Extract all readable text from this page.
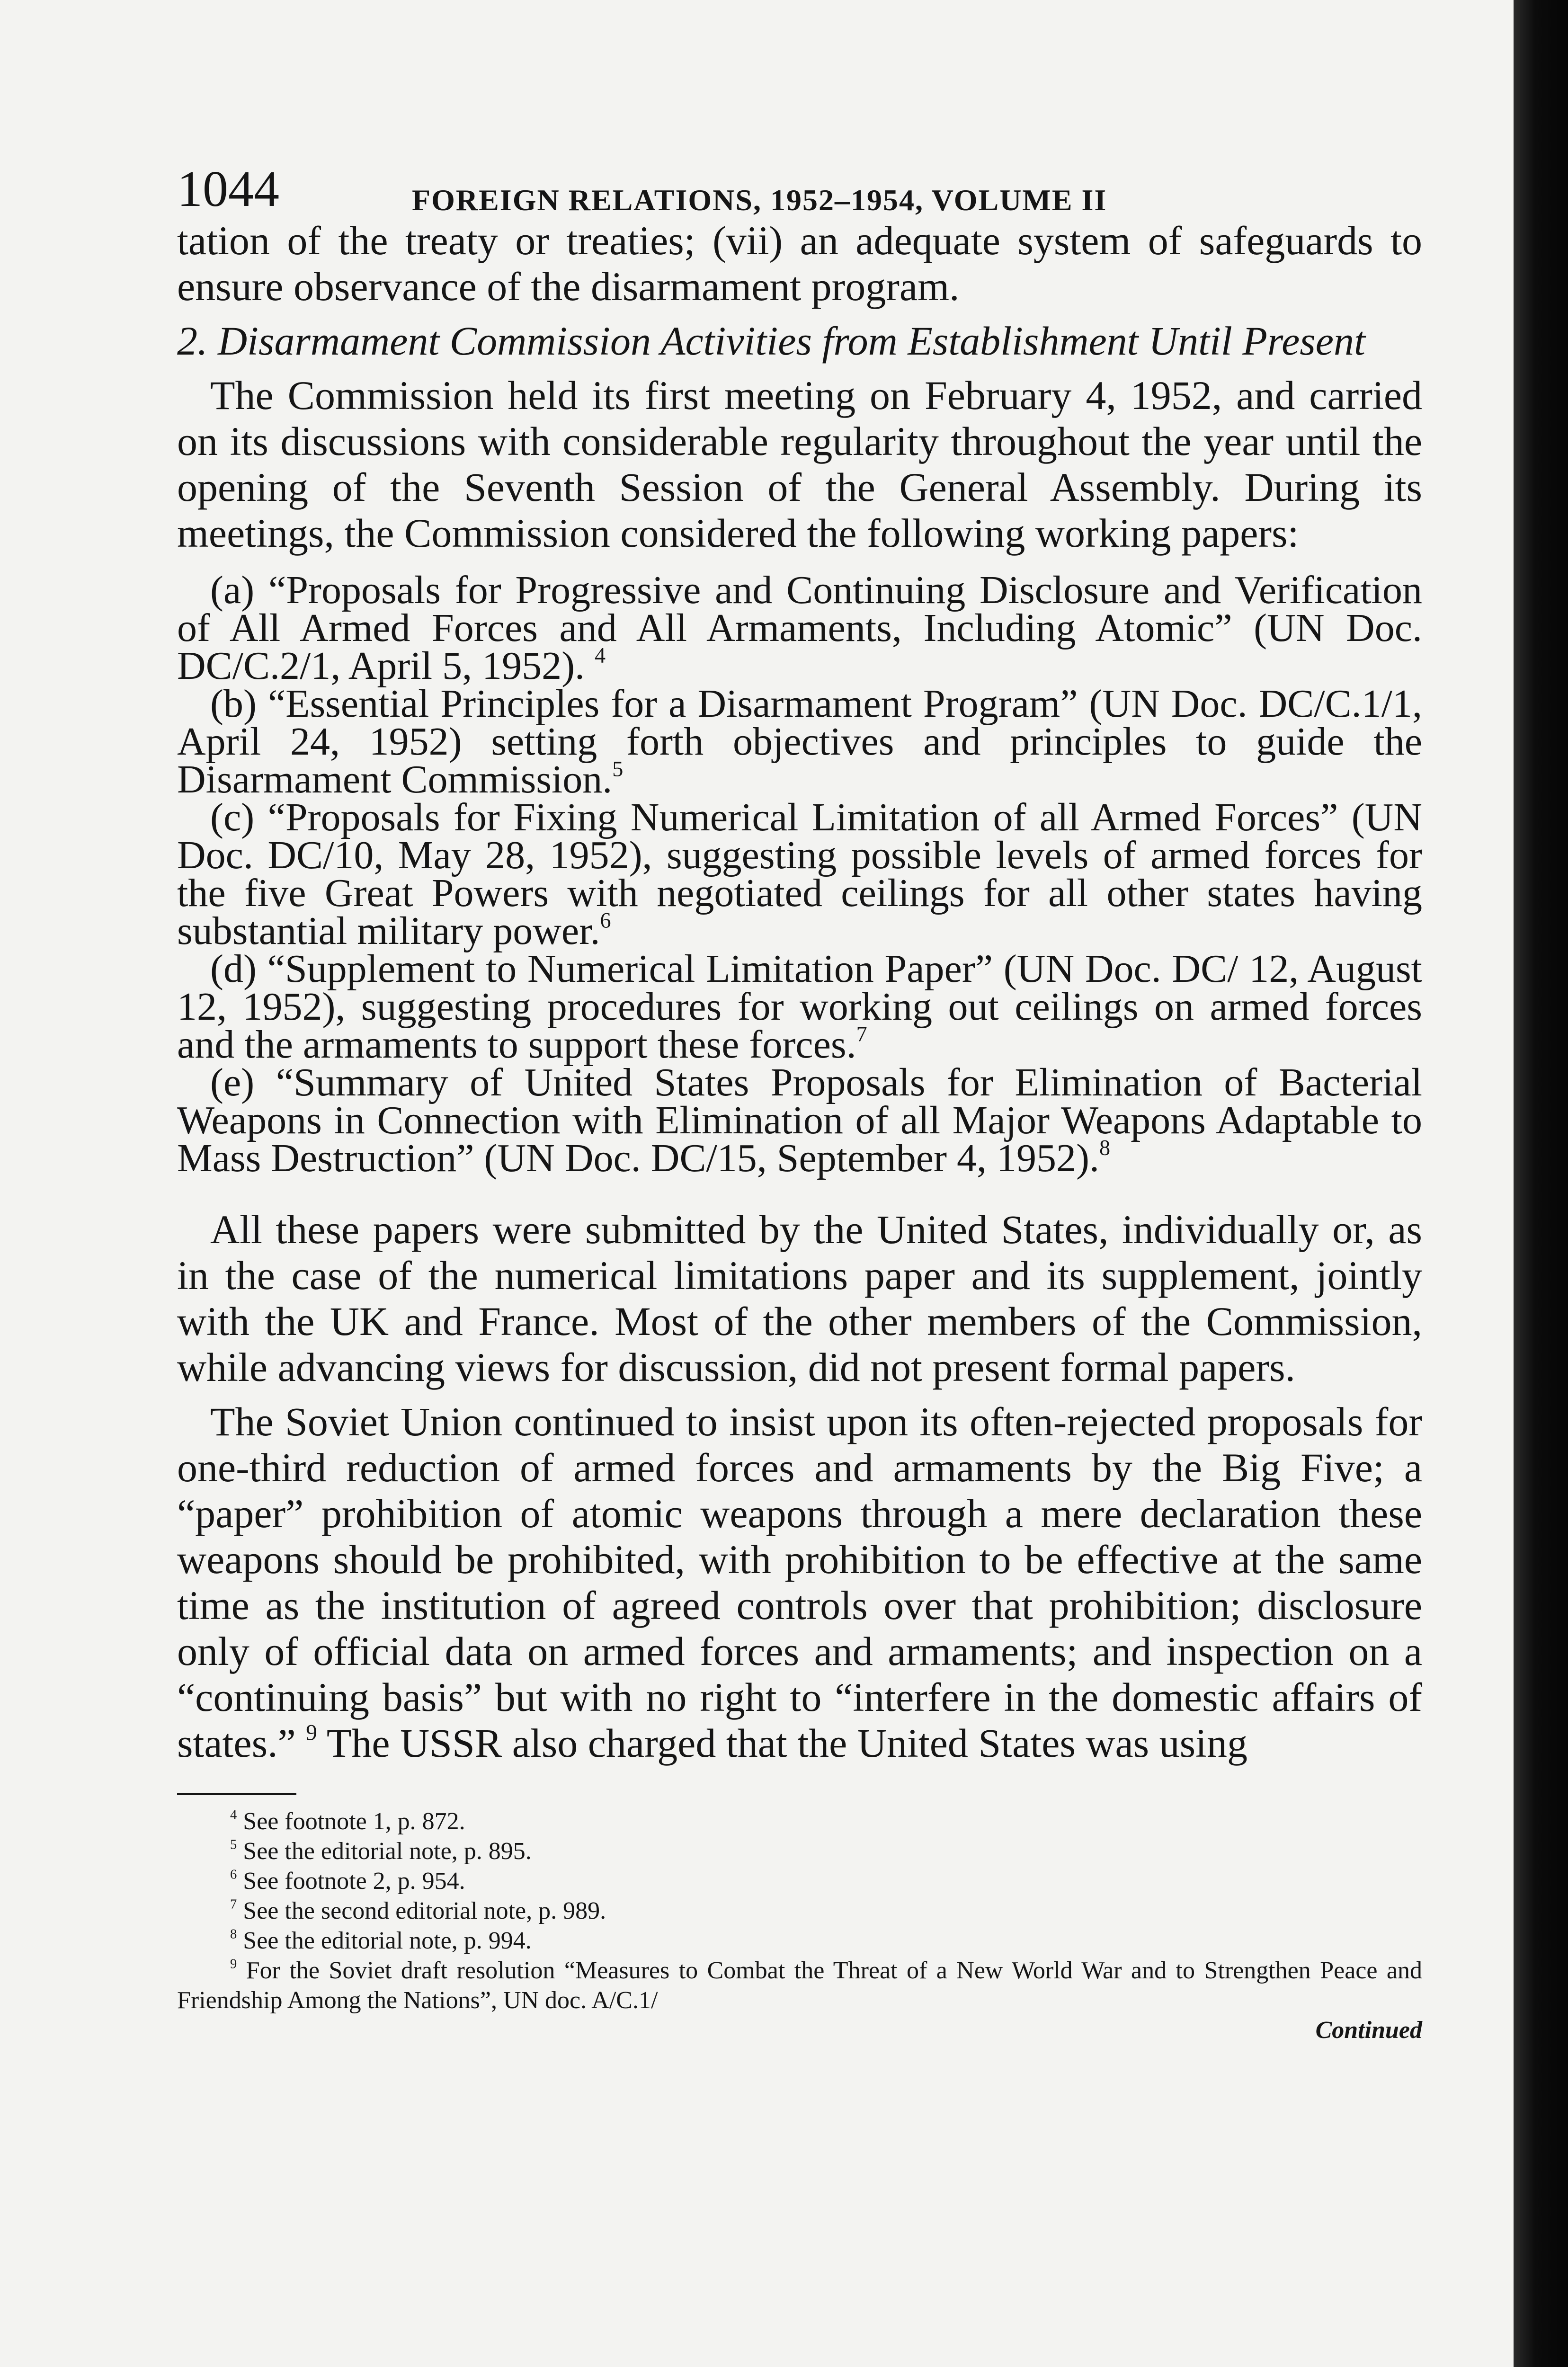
1044	FOREIGN RELATIONS, 1952–1954, VOLUME II

tation of the treaty or treaties; (vii) an adequate system of safeguards to ensure observance of the disarmament program.

2. Disarmament Commission Activities from Establishment Until Present

The Commission held its first meeting on February 4, 1952, and carried on its discussions with considerable regularity throughout the year until the opening of the Seventh Session of the General Assembly. During its meetings, the Commission considered the following working papers:

(a) “Proposals for Progressive and Continuing Disclosure and Verification of All Armed Forces and All Armaments, Including Atomic” (UN Doc. DC/C.2/1, April 5, 1952). $^4$

(b) “Essential Principles for a Disarmament Program” (UN Doc. DC/C.1/1, April 24, 1952) setting forth objectives and principles to guide the Disarmament Commission.$^5$

(c) “Proposals for Fixing Numerical Limitation of all Armed Forces” (UN Doc. DC/10, May 28, 1952), suggesting possible levels of armed forces for the five Great Powers with negotiated ceilings for all other states having substantial military power.$^6$

(d) “Supplement to Numerical Limitation Paper” (UN Doc. DC/ 12, August 12, 1952), suggesting procedures for working out ceilings on armed forces and the armaments to support these forces.$^7$

(e) “Summary of United States Proposals for Elimination of Bacterial Weapons in Connection with Elimination of all Major Weapons Adaptable to Mass Destruction” (UN Doc. DC/15, September 4, 1952).$^8$

All these papers were submitted by the United States, individually or, as in the case of the numerical limitations paper and its supplement, jointly with the UK and France. Most of the other members of the Commission, while advancing views for discussion, did not present formal papers.

The Soviet Union continued to insist upon its often-rejected proposals for one-third reduction of armed forces and armaments by the Big Five; a “paper” prohibition of atomic weapons through a mere declaration these weapons should be prohibited, with prohibition to be effective at the same time as the institution of agreed controls over that prohibition; disclosure only of official data on armed forces and armaments; and inspection on a “continuing basis” but with no right to “interfere in the domestic affairs of states.” $^9$ The USSR also charged that the United States was using

$^4$ See footnote 1, p. 872.

$^5$ See the editorial note, p. 895.

$^6$ See footnote 2, p. 954.

$^7$ See the second editorial note, p. 989.

$^8$ See the editorial note, p. 994.

$^9$ For the Soviet draft resolution “Measures to Combat the Threat of a New World War and to Strengthen Peace and Friendship Among the Nations”, UN doc. A/C.1/

Continued
